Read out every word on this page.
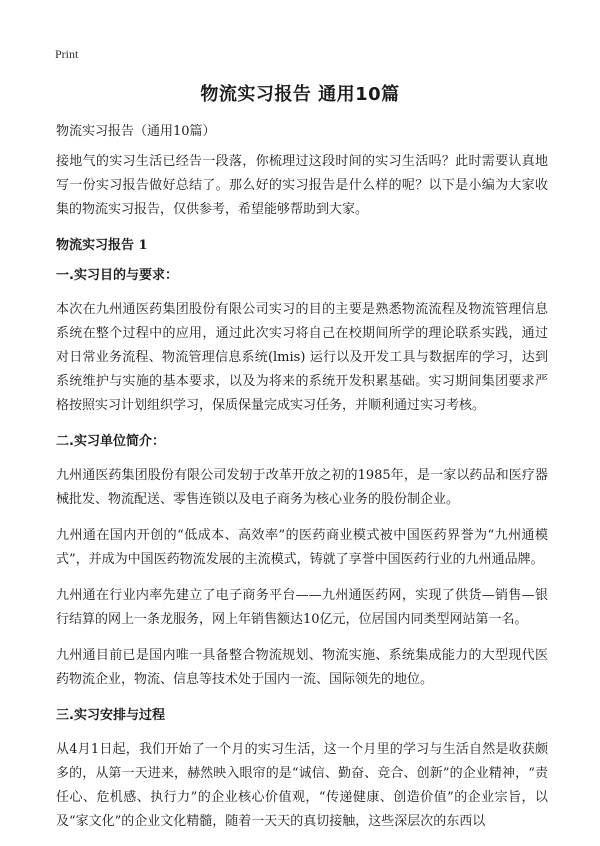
Print
物流实习报告 通用10篇

物流实习报告（通用10篇）

接地气的实习生活已经告一段落，你梳理过这段时间的实习生活吗？此时需要认真地写一份实习报告做好总结了。那么好的实习报告是什么样的呢？以下是小编为大家收集的物流实习报告，仅供参考，希望能够帮助到大家。

物流实习报告 1

一.实习目的与要求：

本次在九州通医药集团股份有限公司实习的目的主要是熟悉物流流程及物流管理信息系统在整个过程中的应用，通过此次实习将自己在校期间所学的理论联系实践，通过对日常业务流程、物流管理信息系统(lmis) 运行以及开发工具与数据库的学习，达到系统维护与实施的基本要求，以及为将来的系统开发积累基础。实习期间集团要求严格按照实习计划组织学习，保质保量完成实习任务，并顺利通过实习考核。

二.实习单位简介：

九州通医药集团股份有限公司发轫于改革开放之初的1985年，是一家以药品和医疗器械批发、物流配送、零售连锁以及电子商务为核心业务的股份制企业。

九州通在国内开创的“低成本、高效率”的医药商业模式被中国医药界誉为“九州通模式”，并成为中国医药物流发展的主流模式，铸就了享誉中国医药行业的九州通品牌。

九州通在行业内率先建立了电子商务平台——九州通医药网，实现了供货—销售—银行结算的网上一条龙服务，网上年销售额达10亿元，位居国内同类型网站第一名。

九州通目前已是国内唯一具备整合物流规划、物流实施、系统集成能力的大型现代医药物流企业，物流、信息等技术处于国内一流、国际领先的地位。

三.实习安排与过程

从4月1日起，我们开始了一个月的实习生活，这一个月里的学习与生活自然是收获颇多的，从第一天进来，赫然映入眼帘的是“诚信、勤奋、竞合、创新”的企业精神，“责任心、危机感、执行力”的企业核心价值观，“传递健康、创造价值”的企业宗旨，以及“家文化”的企业文化精髓，随着一天天的真切接触，这些深层次的东西以
